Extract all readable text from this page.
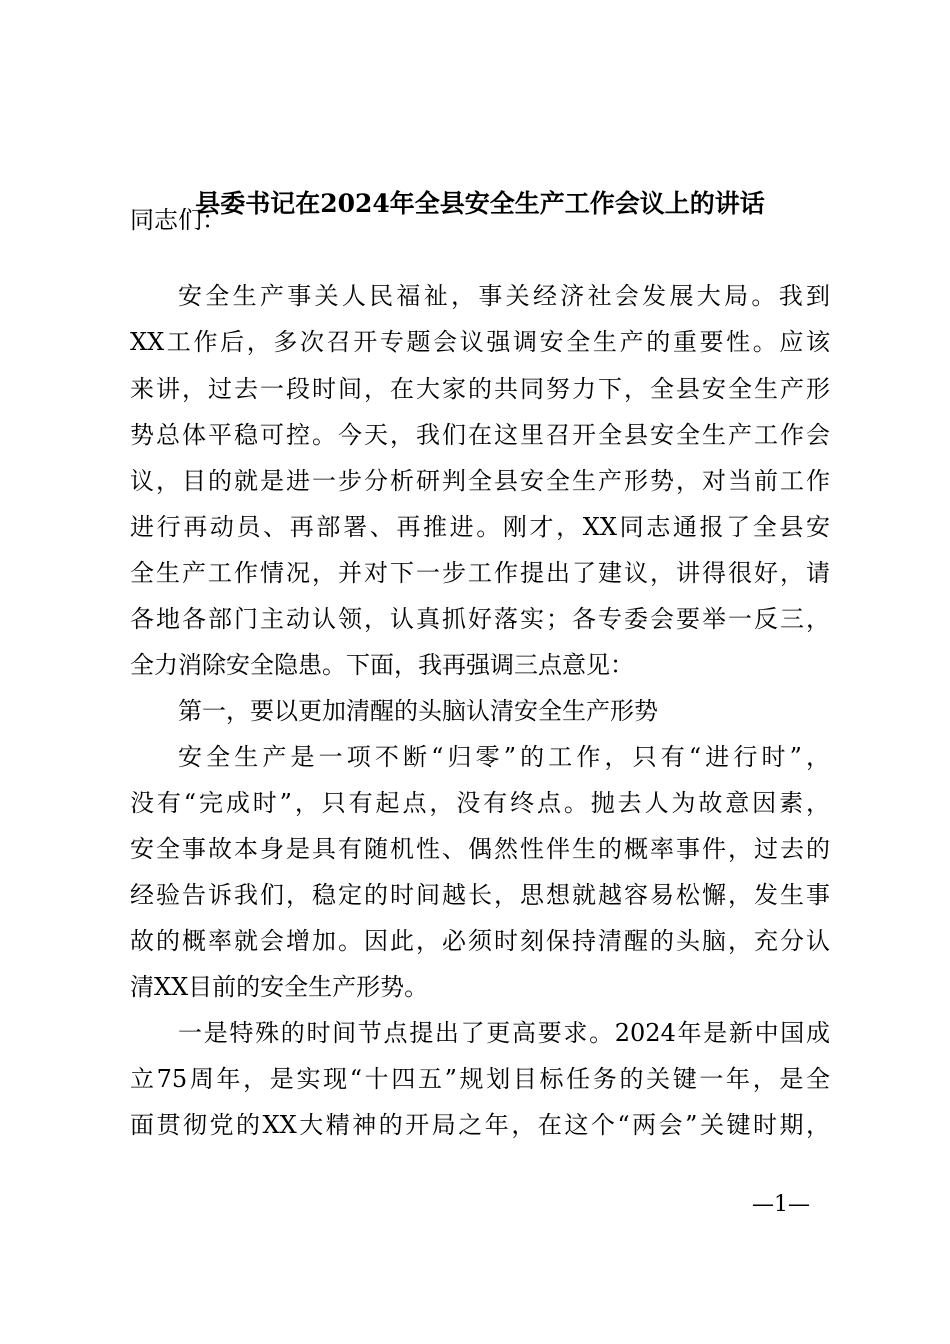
县委书记在2024年全县安全生产工作会议上的讲话
同志们：
安全生产事关人民福祉，事关经济社会发展大局。我到
XX工作后，多次召开专题会议强调安全生产的重要性。应该
来讲，过去一段时间，在大家的共同努力下，全县安全生产形
势总体平稳可控。今天，我们在这里召开全县安全生产工作会
议，目的就是进一步分析研判全县安全生产形势，对当前工作
进行再动员、再部署、再推进。刚才，XX同志通报了全县安
全生产工作情况，并对下一步工作提出了建议，讲得很好，请
各地各部门主动认领，认真抓好落实；各专委会要举一反三，
全力消除安全隐患。下面，我再强调三点意见：
第一，要以更加清醒的头脑认清安全生产形势
安全生产是一项不断“归零”的工作，只有“进行时”，
没有“完成时”，只有起点，没有终点。抛去人为故意因素，
安全事故本身是具有随机性、偶然性伴生的概率事件，过去的
经验告诉我们，稳定的时间越长，思想就越容易松懈，发生事
故的概率就会增加。因此，必须时刻保持清醒的头脑，充分认
清XX目前的安全生产形势。
一是特殊的时间节点提出了更高要求。2024年是新中国成
立75周年，是实现“十四五”规划目标任务的关键一年，是全
面贯彻党的XX大精神的开局之年，在这个“两会”关键时期，
—1—
